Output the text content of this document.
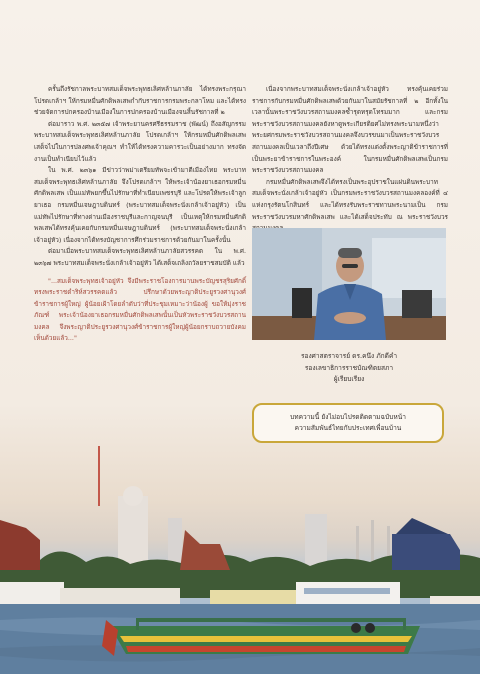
ครั้นถึงรัชกาลพระบาทสมเด็จพระพุทธเลิศหล้านภาลัย ได้ทรงพระกรุณาโปรดเกล้าฯ ให้กรมหมื่นศักดิพลเสพกำกับราชการกรมพระกลาโหม และได้ทรงช่วยจัดการปกครองบ้านเมืองในการปกครองบ้านเมืองจนสิ้นรัชกาลที่ ๒

ต่อมาราว พ.ศ. ๒๓๕๗ เจ้าพระยานครศรีธรรมราช (พัฒน์) ถึงอสัญกรรม พระบาทสมเด็จพระพุทธเลิศหล้านภาลัย โปรดเกล้าฯ ให้กรมหมื่นศักดิพลเสพ เสด็จไปในการปลงศพเจ้าคุณฯ ทำให้ได้ทรงความคารวะเป็นอย่างมาก ทรงจัดงานเป็นทำเนียบไว้แล้ว

ใน พ.ศ. ๒๓๖๑ มีข่าวว่าพม่าเตรียมทัพจะเข้ามาตีเมืองไทย พระบาทสมเด็จพระพุทธเลิศหล้านภาลัย จึงโปรดเกล้าฯ ให้พระเจ้าน้องยาเธอกรมหมื่นศักดิพลเสพ เป็นแม่ทัพยกขึ้นไปรักษาที่ทำเนียบเพชรบุรี และโปรดให้พระเจ้าลูกยาเธอ กรมหมื่นเจษฎาบดินทร์ (พระบาทสมเด็จพระนั่งเกล้าเจ้าอยู่หัว) เป็นแม่ทัพไปรักษาที่ทางด่านเมืองราชบุรีและกาญจนบุรี เป็นเหตุให้กรมหมื่นศักดิพลเสพได้ทรงคุ้นเคยกับกรมหมื่นเจษฎาบดินทร์ (พระบาทสมเด็จพระนั่งเกล้าเจ้าอยู่หัว) เนื่องจากได้ทรงบัญชาการศึกร่วมราชการด้วยกันมาในครั้งนั้น

ต่อมาเมื่อพระบาทสมเด็จพระพุทธเลิศหล้านภาลัยสวรรคต ใน พ.ศ. ๒๓๖๗ พระบาทสมเด็จพระนั่งเกล้าเจ้าอยู่หัว ได้เสด็จเถลิงถวัลยราชสมบัติ แล้ว

"...สมเด็จพระพุทธเจ้าอยู่หัว จึงมีพระราชโองการมานพระบัญชรสุริยศักดิ์ทรงพระราชดำริห์สวรรคตแล้ว ปรึกษาด้วยพระญาติประยูรวงศานุวงศ์ ข้าราชการผู้ใหญ่ ผู้น้อยเฝ้าโดยลำดับว่าที่ประชุมเหมาะว่าน้องผู้ ขอให้มุ่งราชภัณฑ์ พระเจ้าน้องยาเธอกรมหมื่นศักดิพลเสพนั้นเป็นหัวพระราชวังบวรสถานมงคล จึงพระญาติประยูรวงศานุวงศ์ข้าราชการผู้ใหญ่ผู้น้อยกราบถวายบังคมเห็นด้วยแล้ว..."

เนื่องจากพระบาทสมเด็จพระนั่งเกล้าเจ้าอยู่หัว ทรงคุ้นเคยร่วมราชการกับกรมหมื่นศักดิพลเสพด้วยกันมาในสมัยรัชกาลที่ ๒ อีกทั้งในเวลานั้นพระราชวังบวรสถานมงคลซ้ำรุดทรุดโทรมมาก และกรมพระราชวังบวรสถานมงคลยังหาดูพระเกียรติยศไม่ทรงพระนามหนึ่งว่า พระยศกรมพระราชวังบวรสถานมงคลจึงบวรขนมาเป็นพระราชวังบวรสถานมงคลเป็นเวลาถึงปีเศษ ด้วยได้ทรงแต่งตั้งพระญาติข้าราชการที่เป็นพระยาข้าราชการในพระองค์ ในกรมหมื่นศักดิพลเสพเป็นกรมพระราชวังบวรสถานมงคล

กรมหมื่นศักดิพลเสพจึงได้ทรงเป็นพระอุปราชในแผ่นดินพระบาทสมเด็จพระนั่งเกล้าเจ้าอยู่หัว เป็นกรมพระราชวังบวรสถานมงคลองค์ที่ ๔ แห่งกรุงรัตนโกสินทร์ และได้ทรงรับพระราชทานพระนามเป็น กรมพระราชวังบวรมหาศักดิพลเสพ และได้เสด็จประทับ ณ พระราชวังบวร

รองศาสตราจารย์ ดร.คนึง ภักดีคำ
รองเลขาธิการราชบัณฑิตยสภา
ผู้เรียบเรียง
บทความนี้ ยังไม่อบไปรดติดตามฉบับหน้า
ความสัมพันธ์ไทยกับประเทศเพื่อนบ้าน
